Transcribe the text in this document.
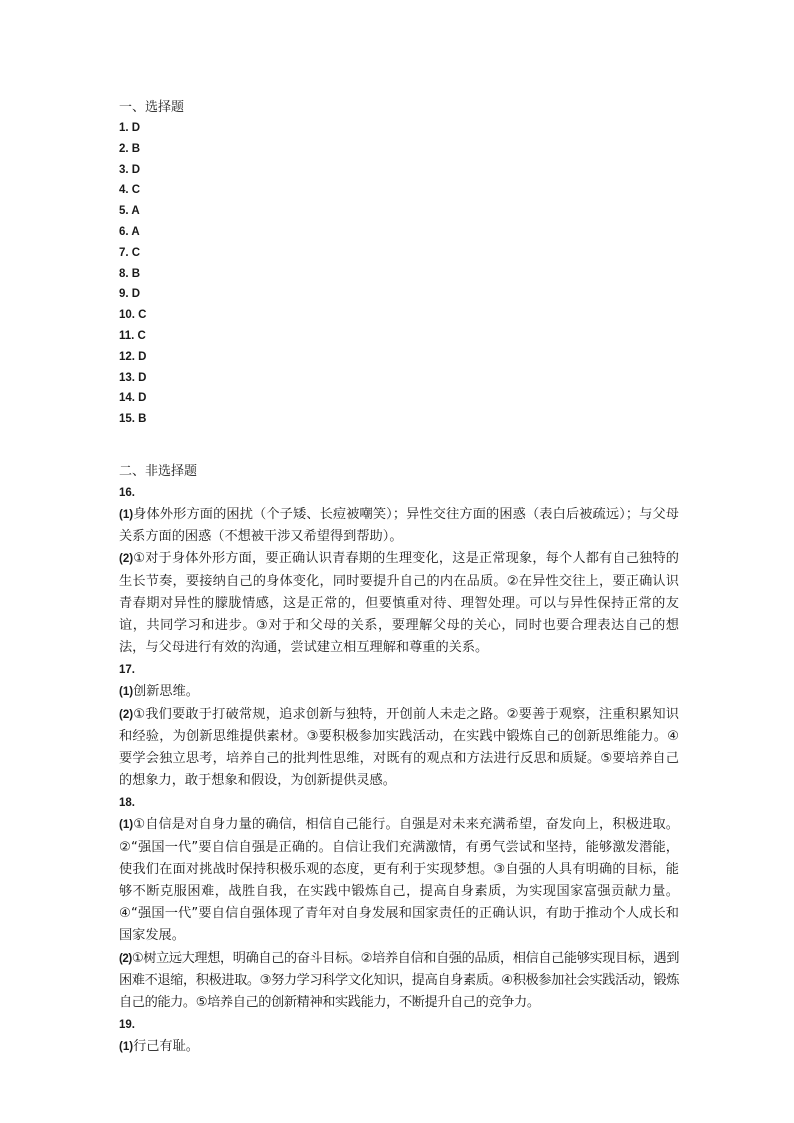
一、选择题
1. D
2. B
3. D
4. C
5. A
6. A
7. C
8. B
9. D
10. C
11. C
12. D
13. D
14. D
15. B
二、非选择题
16.

(1)身体外形方面的困扰（个子矮、长痘被嘲笑）；异性交往方面的困惑（表白后被疏远）；与父母关系方面的困惑（不想被干涉又希望得到帮助）。

(2)①对于身体外形方面，要正确认识青春期的生理变化，这是正常现象，每个人都有自己独特的生长节奏，要接纳自己的身体变化，同时要提升自己的内在品质。②在异性交往上，要正确认识青春期对异性的朦胧情感，这是正常的，但要慎重对待、理智处理。可以与异性保持正常的友谊，共同学习和进步。③对于和父母的关系，要理解父母的关心，同时也要合理表达自己的想法，与父母进行有效的沟通，尝试建立相互理解和尊重的关系。

17.

(1)创新思维。

(2)①我们要敢于打破常规，追求创新与独特，开创前人未走之路。②要善于观察，注重积累知识和经验，为创新思维提供素材。③要积极参加实践活动，在实践中锻炼自己的创新思维能力。④要学会独立思考，培养自己的批判性思维，对既有的观点和方法进行反思和质疑。⑤要培养自己的想象力，敢于想象和假设，为创新提供灵感。

18.

(1)①自信是对自身力量的确信，相信自己能行。自强是对未来充满希望，奋发向上，积极进取。②“强国一代”要自信自强是正确的。自信让我们充满激情，有勇气尝试和坚持，能够激发潜能，使我们在面对挑战时保持积极乐观的态度，更有利于实现梦想。③自强的人具有明确的目标，能够不断克服困难，战胜自我，在实践中锻炼自己，提高自身素质，为实现国家富强贡献力量。④“强国一代”要自信自强体现了青年对自身发展和国家责任的正确认识，有助于推动个人成长和国家发展。

(2)①树立远大理想，明确自己的奋斗目标。②培养自信和自强的品质，相信自己能够实现目标，遇到困难不退缩，积极进取。③努力学习科学文化知识，提高自身素质。④积极参加社会实践活动，锻炼自己的能力。⑤培养自己的创新精神和实践能力，不断提升自己的竞争力。

19.

(1)行己有耻。
